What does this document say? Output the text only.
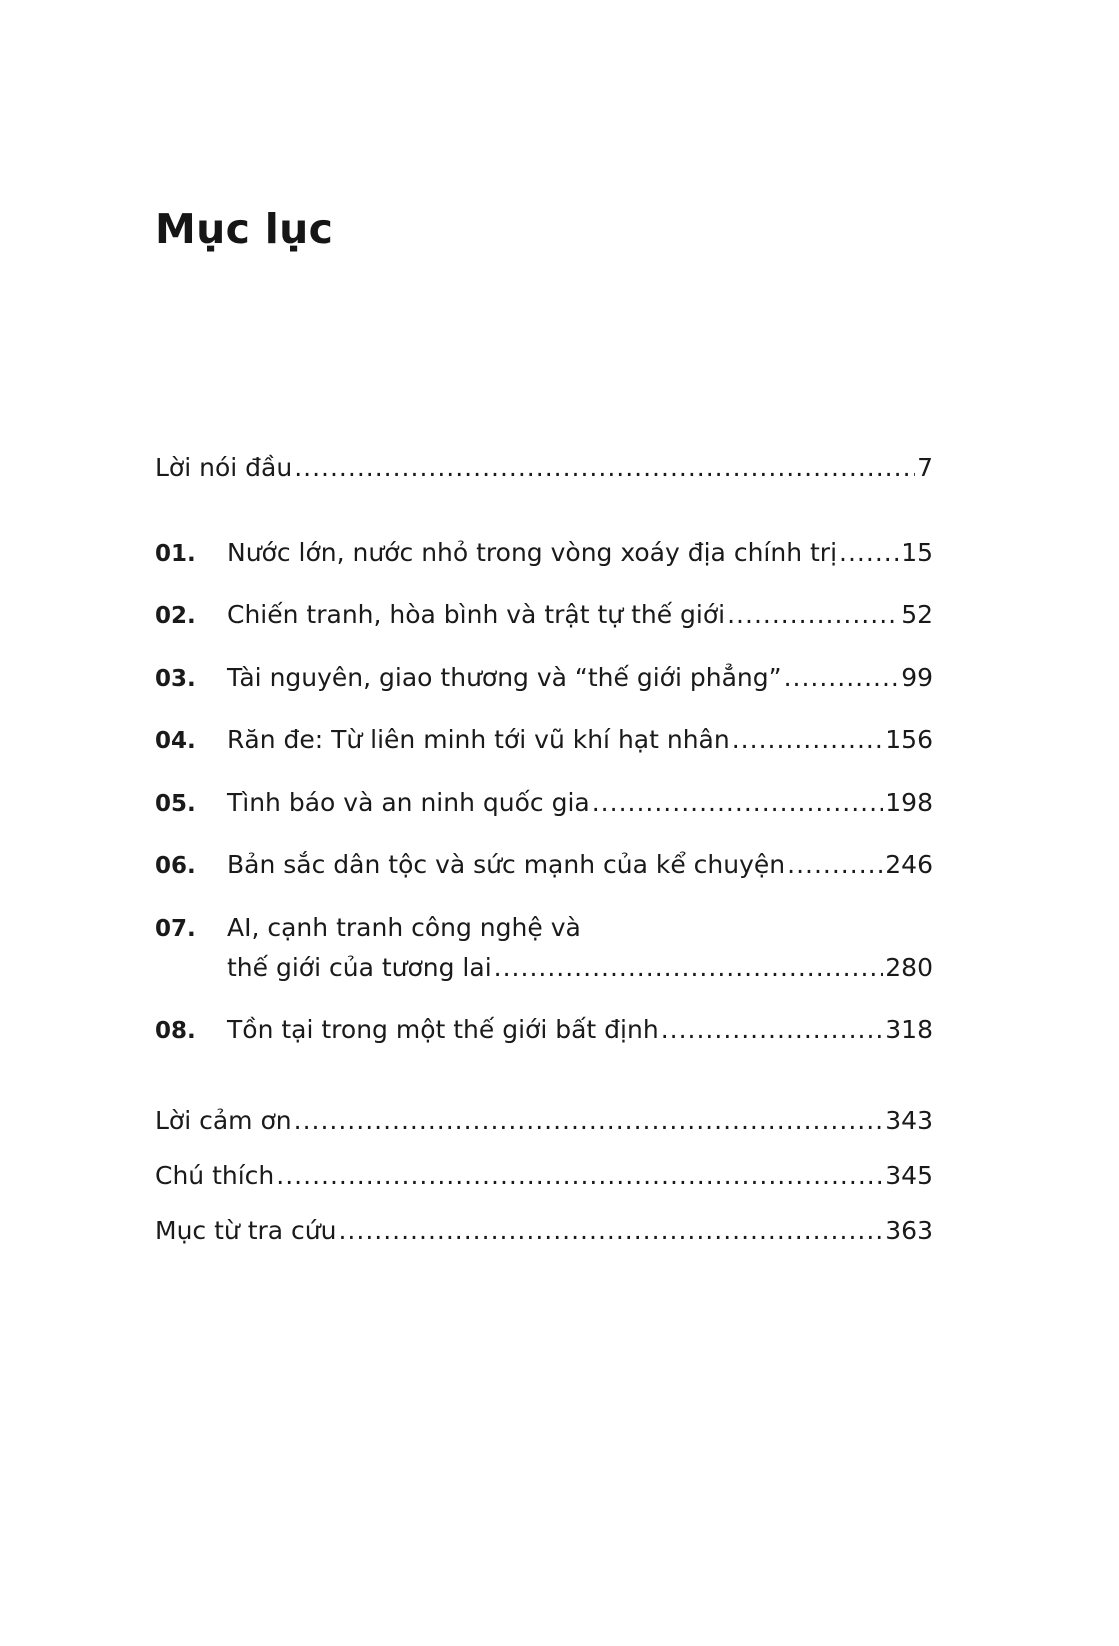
Mục lục
Lời nói đầu .....	7
01.	Nước lớn, nước nhỏ trong vòng xoáy địa chính trị .....	15
02.	Chiến tranh, hòa bình và trật tự thế giới .....	52
03.	Tài nguyên, giao thương và “thế giới phẳng” .....	99
04.	Răn đe: Từ liên minh tới vũ khí hạt nhân .....	156
05.	Tình báo và an ninh quốc gia .....	198
06.	Bản sắc dân tộc và sức mạnh của kể chuyện .....	246
07.	AI, cạnh tranh công nghệ và
thế giới của tương lai .....	280
08.	Tồn tại trong một thế giới bất định .....	318
Lời cảm ơn .....	343
Chú thích .....	345
Mục từ tra cứu .....	363
